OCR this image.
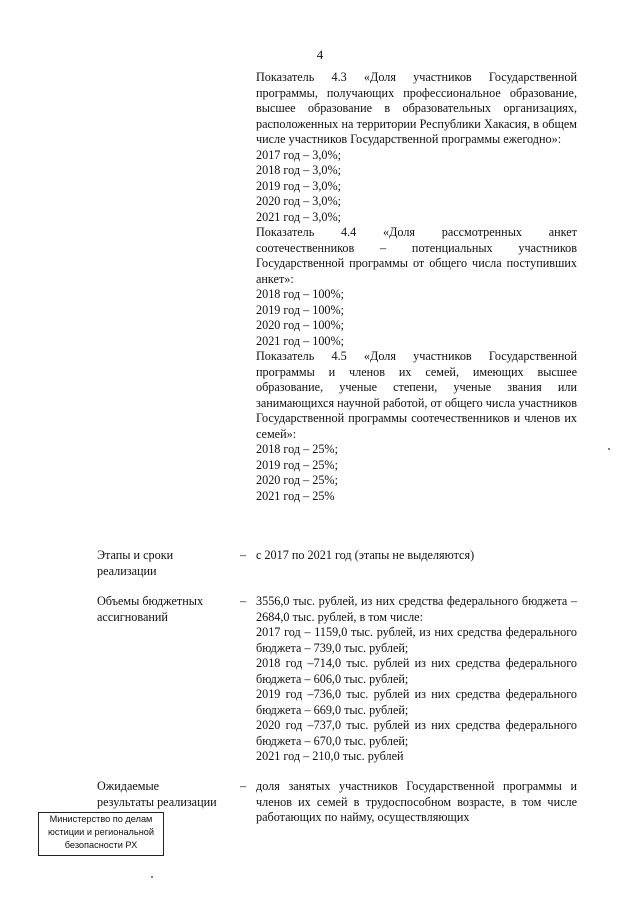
4

Показатель 4.3 «Доля участников Государственной программы, получающих профессиональное образование, высшее образование в образовательных организациях, расположенных на территории Республики Хакасия, в общем числе участников Государственной программы ежегодно»:

2017 год – 3,0%;

2018 год – 3,0%;

2019 год – 3,0%;

2020 год – 3,0%;

2021 год – 3,0%;

Показатель 4.4 «Доля рассмотренных анкет соотечественников – потенциальных участников Государственной программы от общего числа поступивших анкет»:

2018 год – 100%;

2019 год – 100%;

2020 год – 100%;

2021 год – 100%;

Показатель 4.5 «Доля участников Государственной программы и членов их семей, имеющих высшее образование, ученые степени, ученые звания или занимающихся научной работой, от общего числа участников Государственной программы соотечественников и членов их семей»:

2018 год – 25%;

2019 год – 25%;

2020 год – 25%;

2021 год – 25%

Этапы и сроки реализации
– с 2017 по 2021 год (этапы не выделяются)
Объемы бюджетных ассигнований
– 3556,0 тыс. рублей, из них средства федерального бюджета –2684,0 тыс. рублей, в том числе:

2017 год – 1159,0 тыс. рублей, из них средства федерального бюджета – 739,0 тыс. рублей;

2018 год –714,0 тыс. рублей из них средства федерального бюджета – 606,0 тыс. рублей;

2019 год –736,0 тыс. рублей из них средства федерального бюджета – 669,0 тыс. рублей;

2020 год –737,0 тыс. рублей из них средства федерального бюджета – 670,0 тыс. рублей;

2021 год – 210,0 тыс. рублей

Ожидаемые результаты реализации
– доля занятых участников Государственной программы и членов их семей в трудоспособном возрасте, в том числе работающих по найму, осуществляющих
Министерство по делам
юстиции и региональной
безопасности РХ
